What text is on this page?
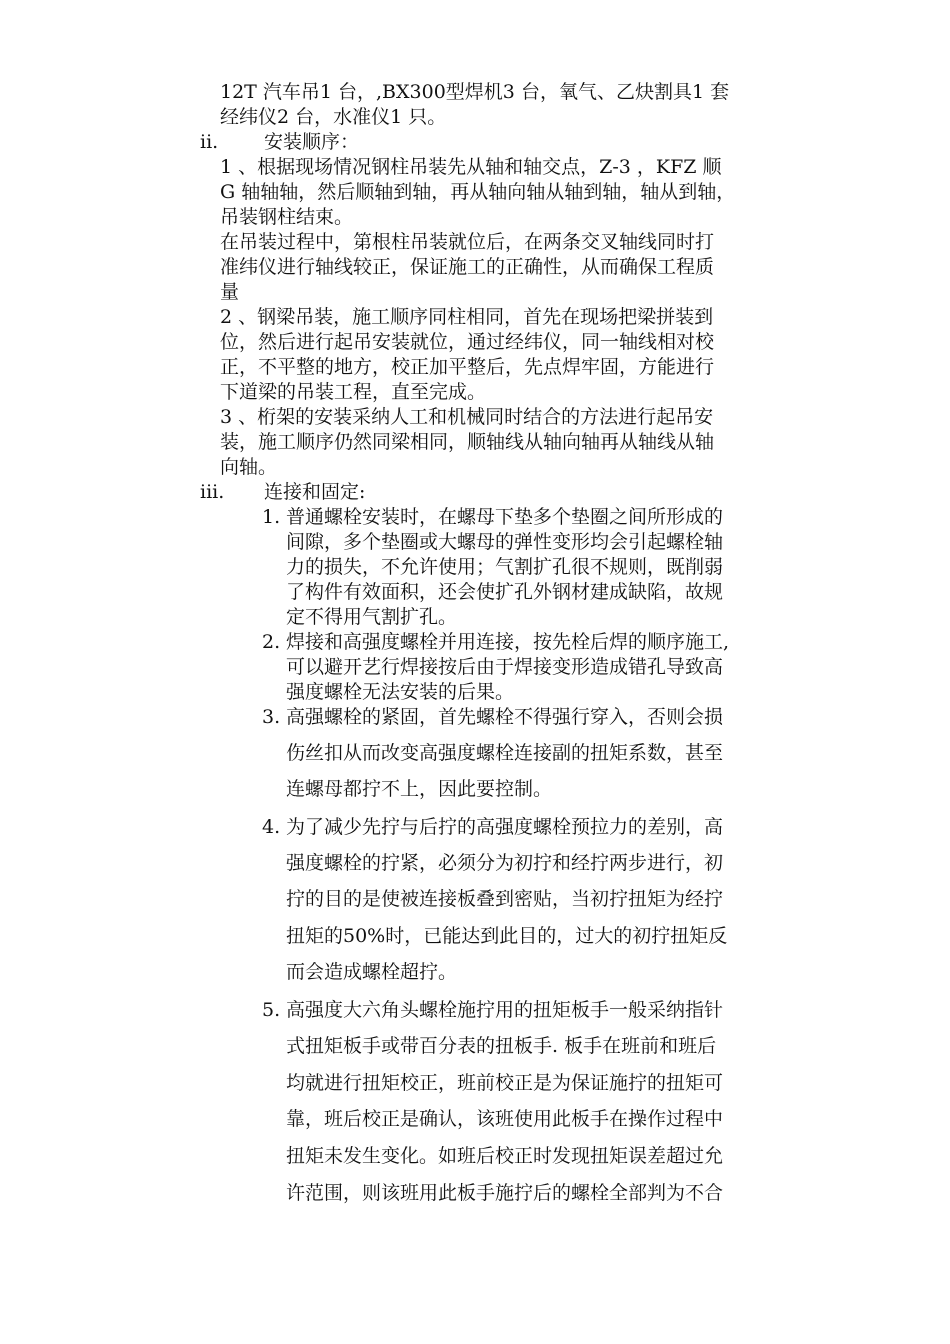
12T 汽车吊1 台，,BX300型焊机3 台，氧气、乙炔割具1 套
经纬仪2 台，水准仪1 只。
ii. 安装顺序：
1 、根据现场情况钢柱吊装先从轴和轴交点，Z-3 ，KFZ 顺
G 轴轴轴，然后顺轴到轴，再从轴向轴从轴到轴，轴从到轴，
吊装钢柱结束。
在吊装过程中，第根柱吊装就位后，在两条交叉轴线同时打
准纬仪进行轴线较正，保证施工的正确性，从而确保工程质
量
2 、钢梁吊装，施工顺序同柱相同，首先在现场把梁拼装到
位，然后进行起吊安装就位，通过经纬仪，同一轴线相对校
正，不平整的地方，校正加平整后，先点焊牢固，方能进行
下道梁的吊装工程，直至完成。
3 、桁架的安装采纳人工和机械同时结合的方法进行起吊安
装，施工顺序仍然同梁相同，顺轴线从轴向轴再从轴线从轴
向轴。
iii. 连接和固定:
1. 普通螺栓安装时，在螺母下垫多个垫圈之间所形成的
间隙，多个垫圈或大螺母的弹性变形均会引起螺栓轴
力的损失，不允许使用；气割扩孔很不规则，既削弱
了构件有效面积，还会使扩孔外钢材建成缺陷，故规
定不得用气割扩孔。
2. 焊接和高强度螺栓并用连接，按先栓后焊的顺序施工,
可以避开艺行焊接按后由于焊接变形造成错孔导致高
强度螺栓无法安装的后果。
3. 高强螺栓的紧固，首先螺栓不得强行穿入，否则会损
伤丝扣从而改变高强度螺栓连接副的扭矩系数，甚至
连螺母都拧不上，因此要控制。
4. 为了减少先拧与后拧的高强度螺栓预拉力的差别，高
强度螺栓的拧紧，必须分为初拧和经拧两步进行，初
拧的目的是使被连接板叠到密贴，当初拧扭矩为经拧
扭矩的50%时，已能达到此目的，过大的初拧扭矩反
而会造成螺栓超拧。
5. 高强度大六角头螺栓施拧用的扭矩板手一般采纳指针
式扭矩板手或带百分表的扭板手. 板手在班前和班后
均就进行扭矩校正，班前校正是为保证施拧的扭矩可
靠，班后校正是确认，该班使用此板手在操作过程中
扭矩未发生变化。如班后校正时发现扭矩误差超过允
许范围，则该班用此板手施拧后的螺栓全部判为不合
